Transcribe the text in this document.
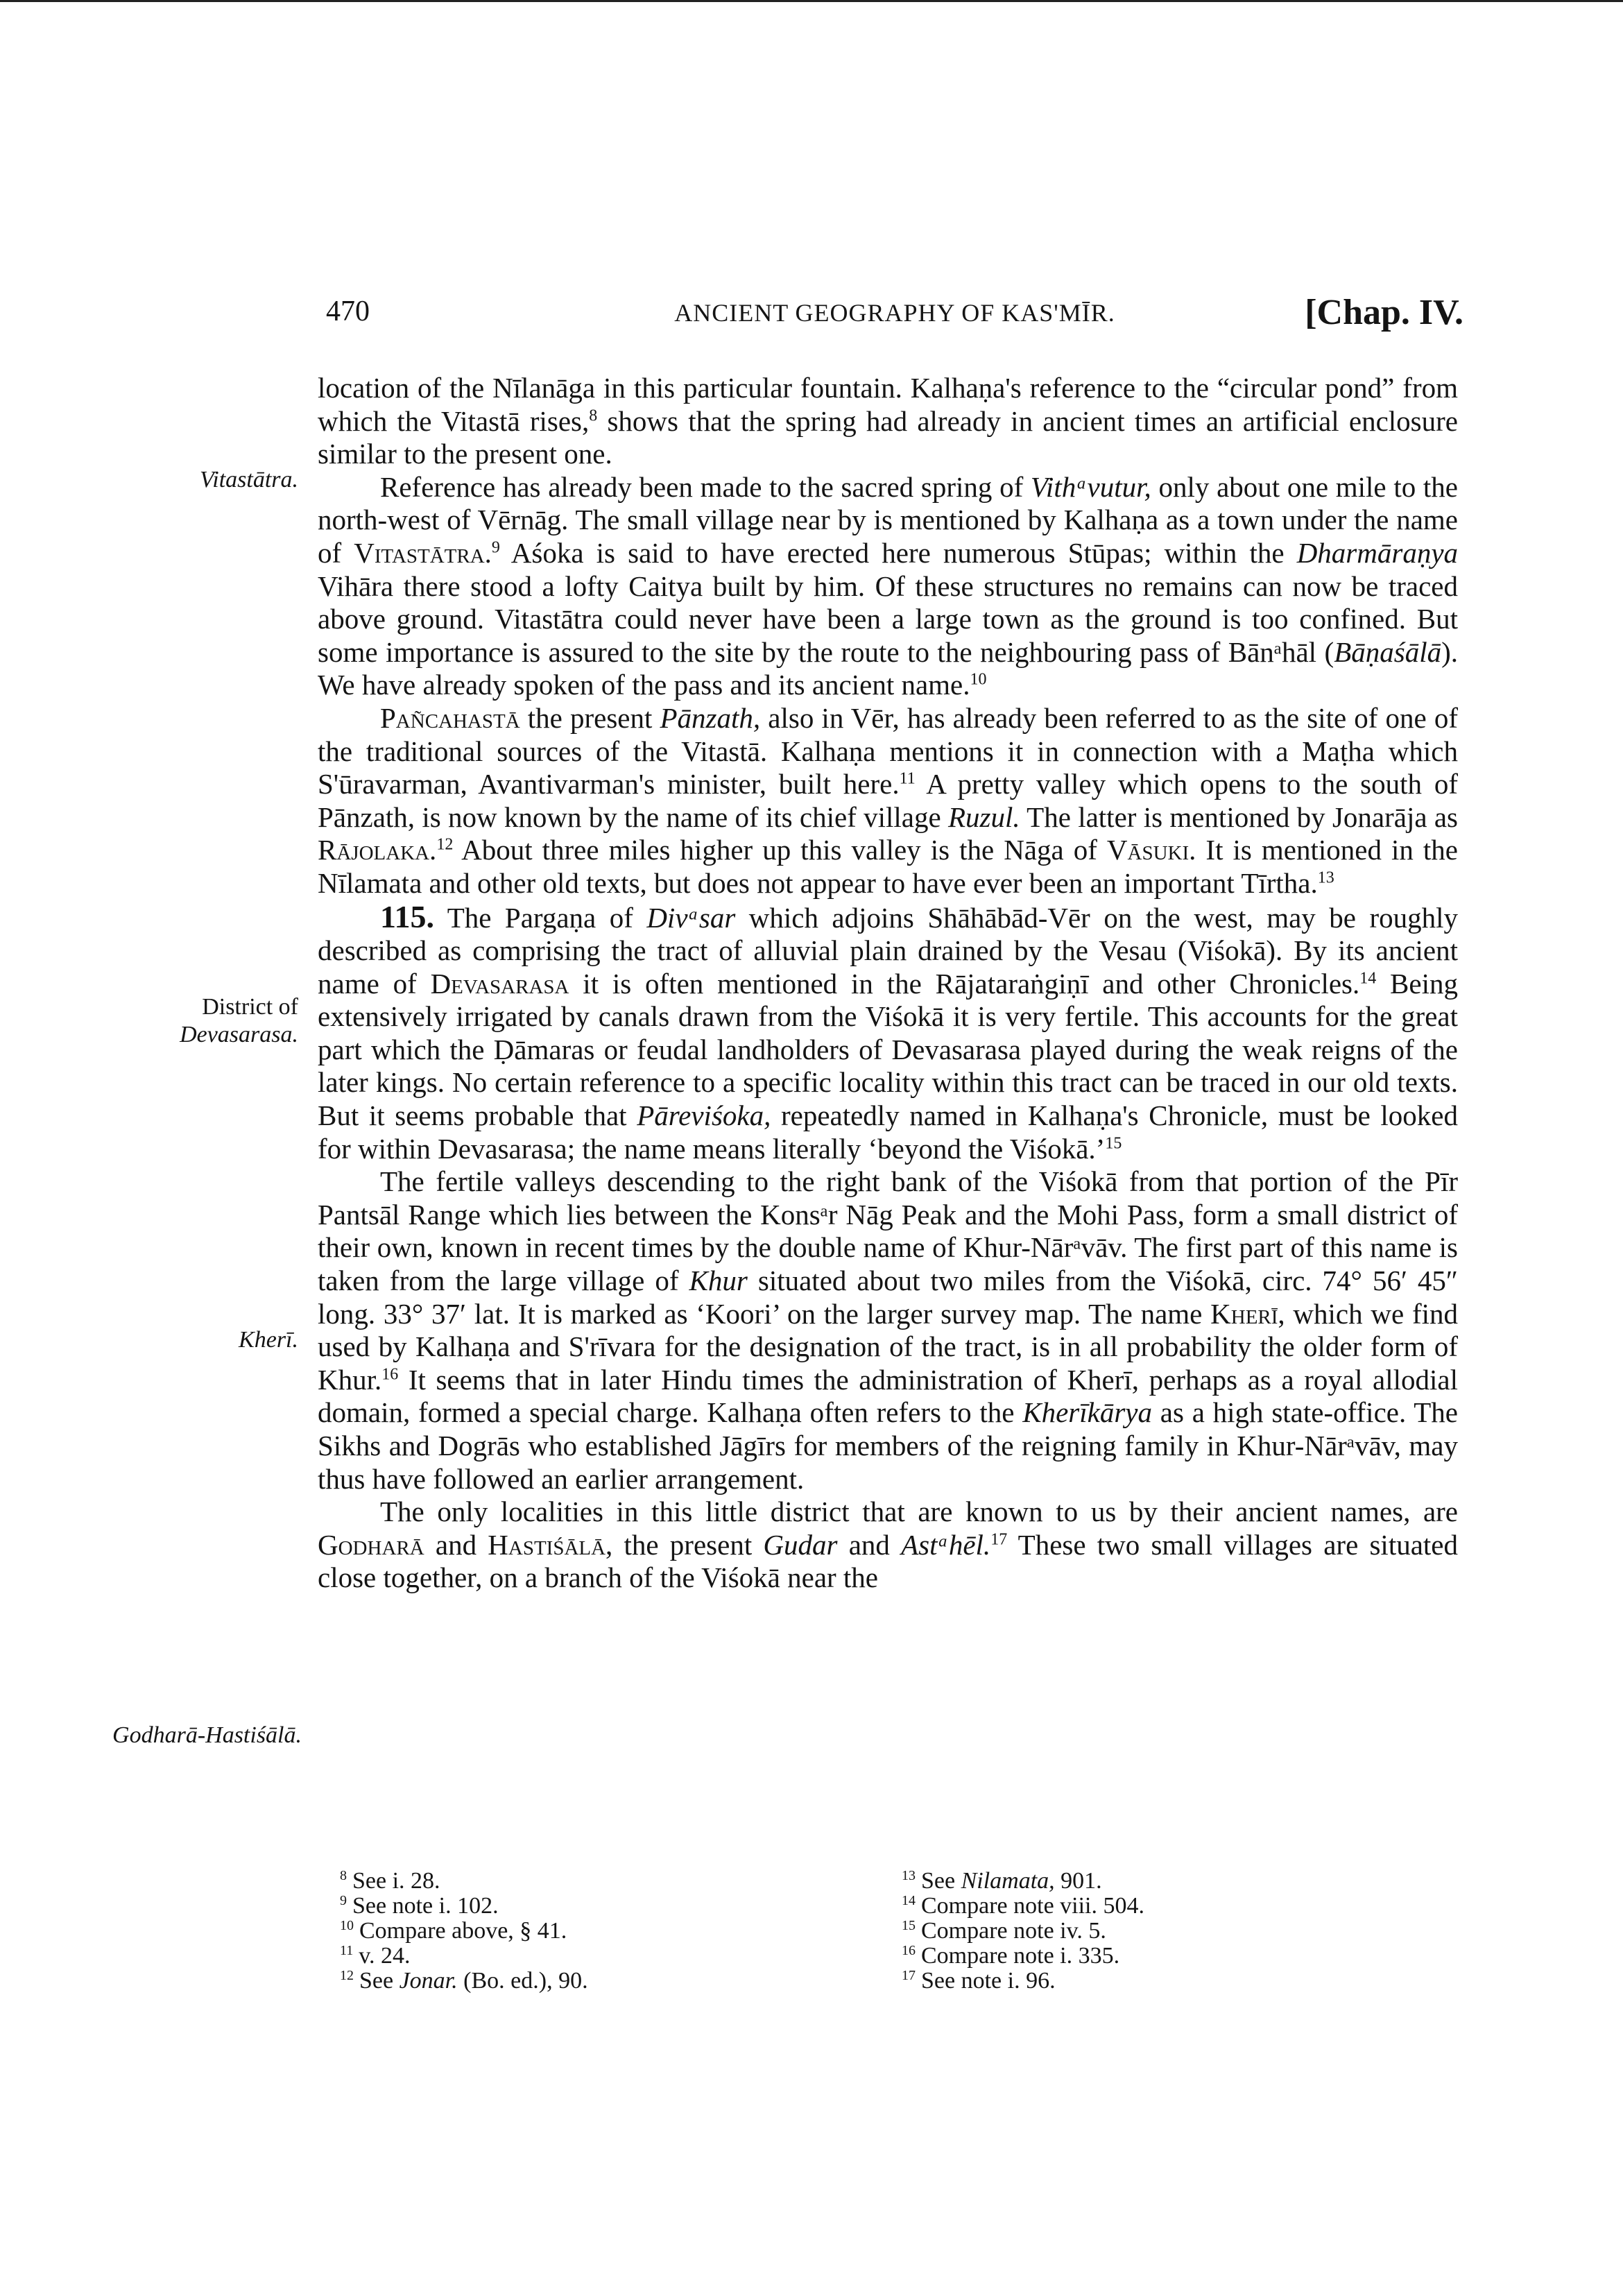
470	ANCIENT GEOGRAPHY OF KAS'MĪR.	[Chap. IV.
Vitastātra.
District of
Devasarasa.
Kherī.
Godharā-Hastiśālā.

location of the Nīlanāga in this particular fountain. Kalhaṇa's reference to the “circular pond” from which the Vitastā rises,$^8$ shows that the spring had already in ancient times an artificial enclosure similar to the present one.

Reference has already been made to the sacred spring of Vithᵃvutur, only about one mile to the north-west of Vērnāg. The small village near by is mentioned by Kalhaṇa as a town under the name of Vitastātra.$^9$ Aśoka is said to have erected here numerous Stūpas; within the Dharmāraṇya Vihāra there stood a lofty Caitya built by him. Of these structures no remains can now be traced above ground. Vitastātra could never have been a large town as the ground is too confined. But some importance is assured to the site by the route to the neighbouring pass of Bānᵃhāl (Bāṇaśālā). We have already spoken of the pass and its ancient name.$^{10}$

Pañcahastā the present Pānzath, also in Vēr, has already been referred to as the site of one of the traditional sources of the Vitastā. Kalhaṇa mentions it in connection with a Maṭha which S'ūravarman, Avantivarman's minister, built here.$^{11}$ A pretty valley which opens to the south of Pānzath, is now known by the name of its chief village Ruzul. The latter is mentioned by Jonarāja as Rājolaka.$^{12}$ About three miles higher up this valley is the Nāga of Vāsuki. It is mentioned in the Nīlamata and other old texts, but does not appear to have ever been an important Tīrtha.$^{13}$

115. The Pargaṇa of Divᵃsar which adjoins Shāhābād-Vēr on the west, may be roughly described as comprising the tract of alluvial plain drained by the Vesau (Viśokā). By its ancient name of Devasarasa it is often mentioned in the Rājataraṅgiṇī and other Chronicles.$^{14}$ Being extensively irrigated by canals drawn from the Viśokā it is very fertile. This accounts for the great part which the Ḍāmaras or feudal landholders of Devasarasa played during the weak reigns of the later kings. No certain reference to a specific locality within this tract can be traced in our old texts. But it seems probable that Pāreviśoka, repeatedly named in Kalhaṇa's Chronicle, must be looked for within Devasarasa; the name means literally ‘beyond the Viśokā.’$^{15}$

The fertile valleys descending to the right bank of the Viśokā from that portion of the Pīr Pantsāl Range which lies between the Konsᵃr Nāg Peak and the Mohi Pass, form a small district of their own, known in recent times by the double name of Khur-Nārᵃvāv. The first part of this name is taken from the large village of Khur situated about two miles from the Viśokā, circ. 74° 56′ 45″ long. 33° 37′ lat. It is marked as ‘Koori’ on the larger survey map. The name Kherī, which we find used by Kalhaṇa and S'rīvara for the designation of the tract, is in all probability the older form of Khur.$^{16}$ It seems that in later Hindu times the administration of Kherī, perhaps as a royal allodial domain, formed a special charge. Kalhaṇa often refers to the Kherīkārya as a high state-office. The Sikhs and Dogrās who established Jāgīrs for members of the reigning family in Khur-Nārᵃvāv, may thus have followed an earlier arrangement.

The only localities in this little district that are known to us by their ancient names, are Godharā and Hastiśālā, the present Gudar and Astᵃhēl.$^{17}$ These two small villages are situated close together, on a branch of the Viśokā near the

$^8$ See i. 28.
$^9$ See note i. 102.
$^{10}$ Compare above, § 41.
$^{11}$ v. 24.
$^{12}$ See Jonar. (Bo. ed.), 90.
$^{13}$ See Nilamata, 901.
$^{14}$ Compare note viii. 504.
$^{15}$ Compare note iv. 5.
$^{16}$ Compare note i. 335.
$^{17}$ See note i. 96.
